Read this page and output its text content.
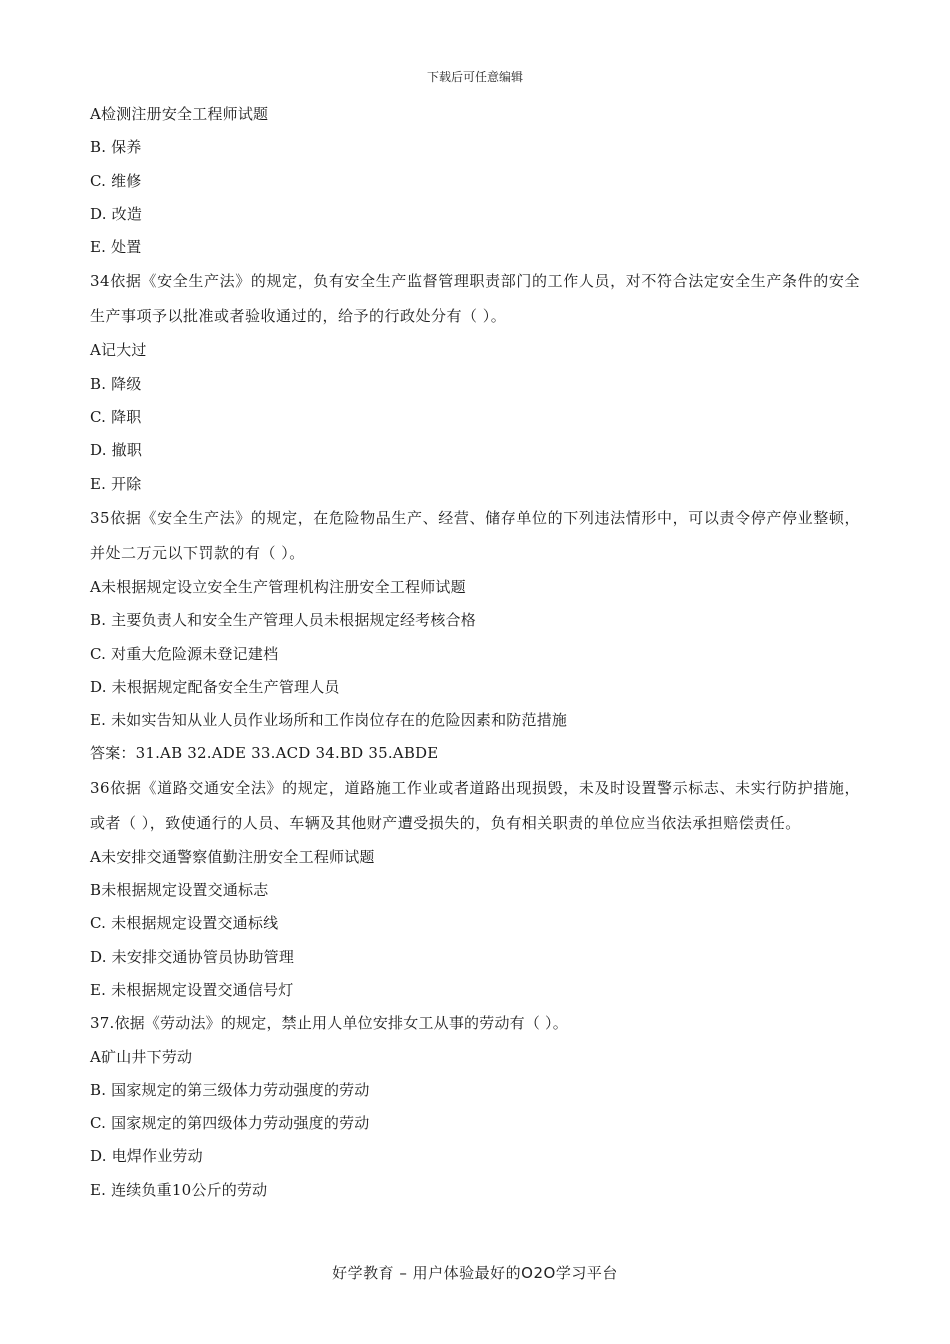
下载后可任意编辑
A检测注册安全工程师试题
B. 保养
C. 维修
D. 改造
E. 处置
34依据《安全生产法》的规定，负有安全生产监督管理职责部门的工作人员，对不符合法定安全生产条件的安全生产事项予以批准或者验收通过的，给予的行政处分有（ ）。
A记大过
B. 降级
C. 降职
D. 撤职
E. 开除
35依据《安全生产法》的规定，在危险物品生产、经营、储存单位的下列违法情形中，可以责令停产停业整顿，并处二万元以下罚款的有（ ）。
A未根据规定设立安全生产管理机构注册安全工程师试题
B. 主要负责人和安全生产管理人员未根据规定经考核合格
C. 对重大危险源未登记建档
D. 未根据规定配备安全生产管理人员
E. 未如实告知从业人员作业场所和工作岗位存在的危险因素和防范措施
答案：31.AB 32.ADE 33.ACD 34.BD 35.ABDE
36依据《道路交通安全法》的规定，道路施工作业或者道路出现损毁，未及时设置警示标志、未实行防护措施，或者（ ），致使通行的人员、车辆及其他财产遭受损失的，负有相关职责的单位应当依法承担赔偿责任。
A未安排交通警察值勤注册安全工程师试题
B未根据规定设置交通标志
C. 未根据规定设置交通标线
D. 未安排交通协管员协助管理
E. 未根据规定设置交通信号灯
37.依据《劳动法》的规定，禁止用人单位安排女工从事的劳动有（ ）。
A矿山井下劳动
B. 国家规定的第三级体力劳动强度的劳动
C. 国家规定的第四级体力劳动强度的劳动
D. 电焊作业劳动
E. 连续负重10公斤的劳动
好学教育 – 用户体验最好的O2O学习平台
